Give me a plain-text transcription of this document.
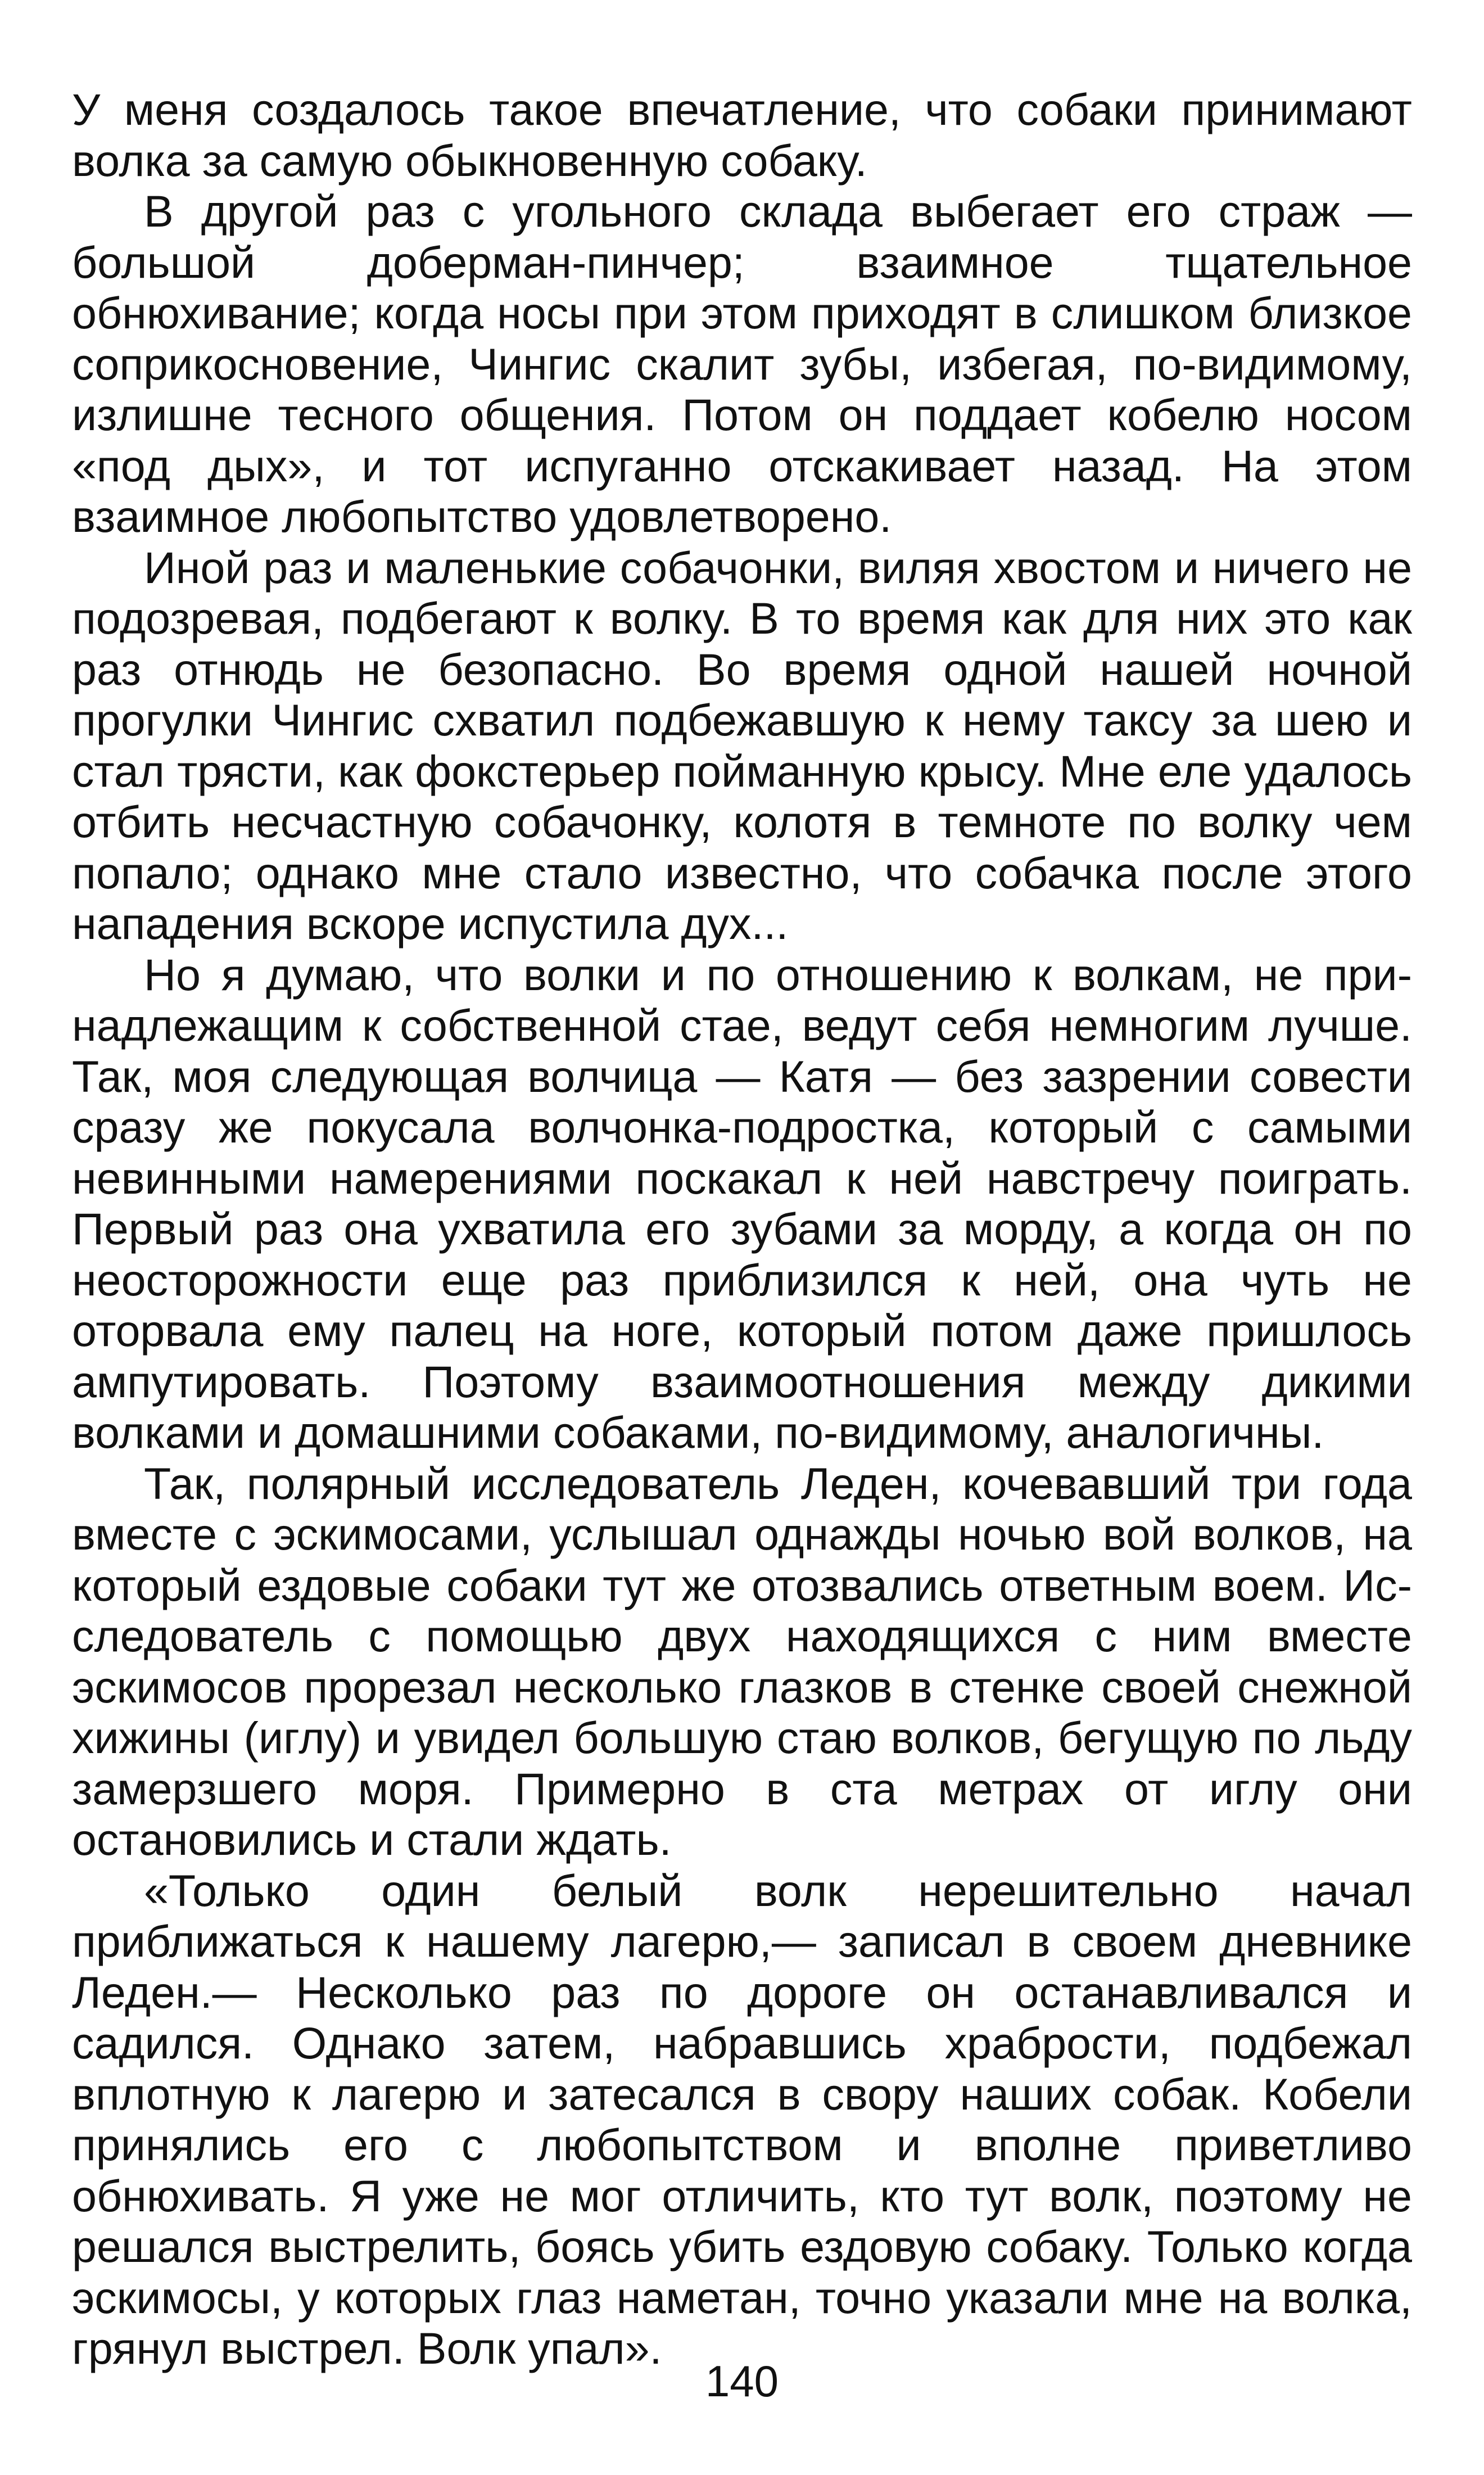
У меня создалось такое впечатление, что собаки принимают волка за самую обыкновенную собаку.

В другой раз с угольного склада выбегает его страж — большой доберман-пинчер; взаимное тщательное обнюхивание; когда носы при этом приходят в слишком близкое соприкосновение, Чингис скалит зубы, избегая, по-видимому, излишне тесного общения. Потом он поддает кобелю носом «под дых», и тот испуганно отскакивает назад. На этом взаимное любопытство удовлетворено.

Иной раз и маленькие собачонки, виляя хвостом и ничего не подозревая, подбегают к волку. В то время как для них это как раз отнюдь не безопасно. Во время одной нашей ночной прогулки Чингис схватил подбежавшую к нему таксу за шею и стал трясти, как фокстерьер пойманную крысу. Мне еле удалось отбить несчастную собачонку, колотя в темноте по волку чем попало; однако мне стало известно, что собачка после этого нападения вскоре испустила дух...

Но я думаю, что волки и по отношению к волкам, не принадлежащим к собственной стае, ведут себя немногим лучше. Так, моя следующая волчица — Катя — без зазрении совести сразу же покусала волчонка-подростка, который с самыми невинными намерениями поскакал к ней навстречу поиграть. Первый раз она ухватила его зубами за морду, а когда он по неосторожности еще раз приблизился к ней, она чуть не оторвала ему палец на ноге, который потом даже пришлось ампутировать. Поэтому взаимоотношения между дикими волками и домашними собаками, по-видимому, аналогичны.

Так, полярный исследователь Леден, кочевавший три года вместе с эскимосами, услышал однажды ночью вой волков, на который ездовые собаки тут же отозвались ответным воем. Исследователь с помощью двух находящихся с ним вместе эскимосов прорезал несколько глазков в стенке своей снежной хижины (иглу) и увидел большую стаю волков, бегущую по льду замерзшего моря. Примерно в ста метрах от иглу они остановились и стали ждать.

«Только один белый волк нерешительно начал приближаться к нашему лагерю,— записал в своем дневнике Леден.— Несколько раз по дороге он останавливался и садился. Однако затем, набравшись храбрости, подбежал вплотную к лагерю и затесался в свору наших собак. Кобели принялись его с любопытством и вполне приветливо обнюхивать. Я уже не мог отличить, кто тут волк, поэтому не решался выстрелить, боясь убить ездовую собаку. Только когда эскимосы, у которых глаз наметан, точно указали мне на волка, грянул выстрел. Волк упал».

140
